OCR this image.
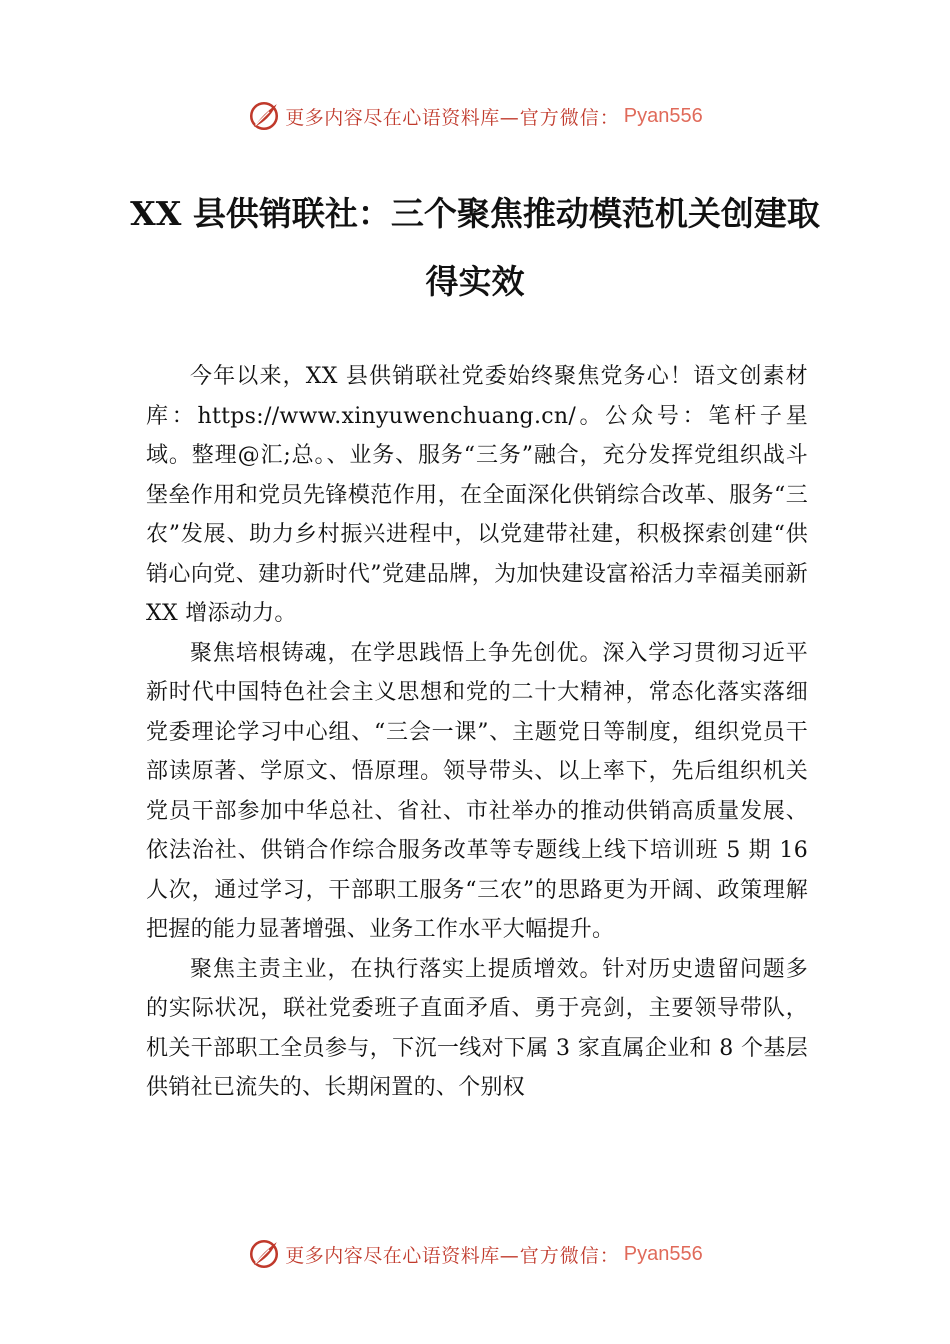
更多内容尽在心语资料库 —官方微信： Pyan556
XX 县供销联社：三个聚焦推动模范机关创建取得实效

今年以来，XX 县供销联社党委始终聚焦党务心！语文创素材库：https://www.xinyuwenchuang.cn/。公众号：笔杆子星域。整理@汇;总。、业务、服务“三务”融合，充分发挥党组织战斗堡垒作用和党员先锋模范作用，在全面深化供销综合改革、服务“三农”发展、助力乡村振兴进程中，以党建带社建，积极探索创建“供销心向党、建功新时代”党建品牌，为加快建设富裕活力幸福美丽新 XX 增添动力。

聚焦培根铸魂，在学思践悟上争先创优。深入学习贯彻习近平新时代中国特色社会主义思想和党的二十大精神，常态化落实落细党委理论学习中心组、“三会一课”、主题党日等制度，组织党员干部读原著、学原文、悟原理。领导带头、以上率下，先后组织机关党员干部参加中华总社、省社、市社举办的推动供销高质量发展、依法治社、供销合作综合服务改革等专题线上线下培训班 5 期 16 人次，通过学习，干部职工服务“三农”的思路更为开阔、政策理解把握的能力显著增强、业务工作水平大幅提升。

聚焦主责主业，在执行落实上提质增效。针对历史遗留问题多的实际状况，联社党委班子直面矛盾、勇于亮剑，主要领导带队，机关干部职工全员参与，下沉一线对下属 3 家直属企业和 8 个基层供销社已流失的、长期闲置的、个别权

更多内容尽在心语资料库 —官方微信： Pyan556
